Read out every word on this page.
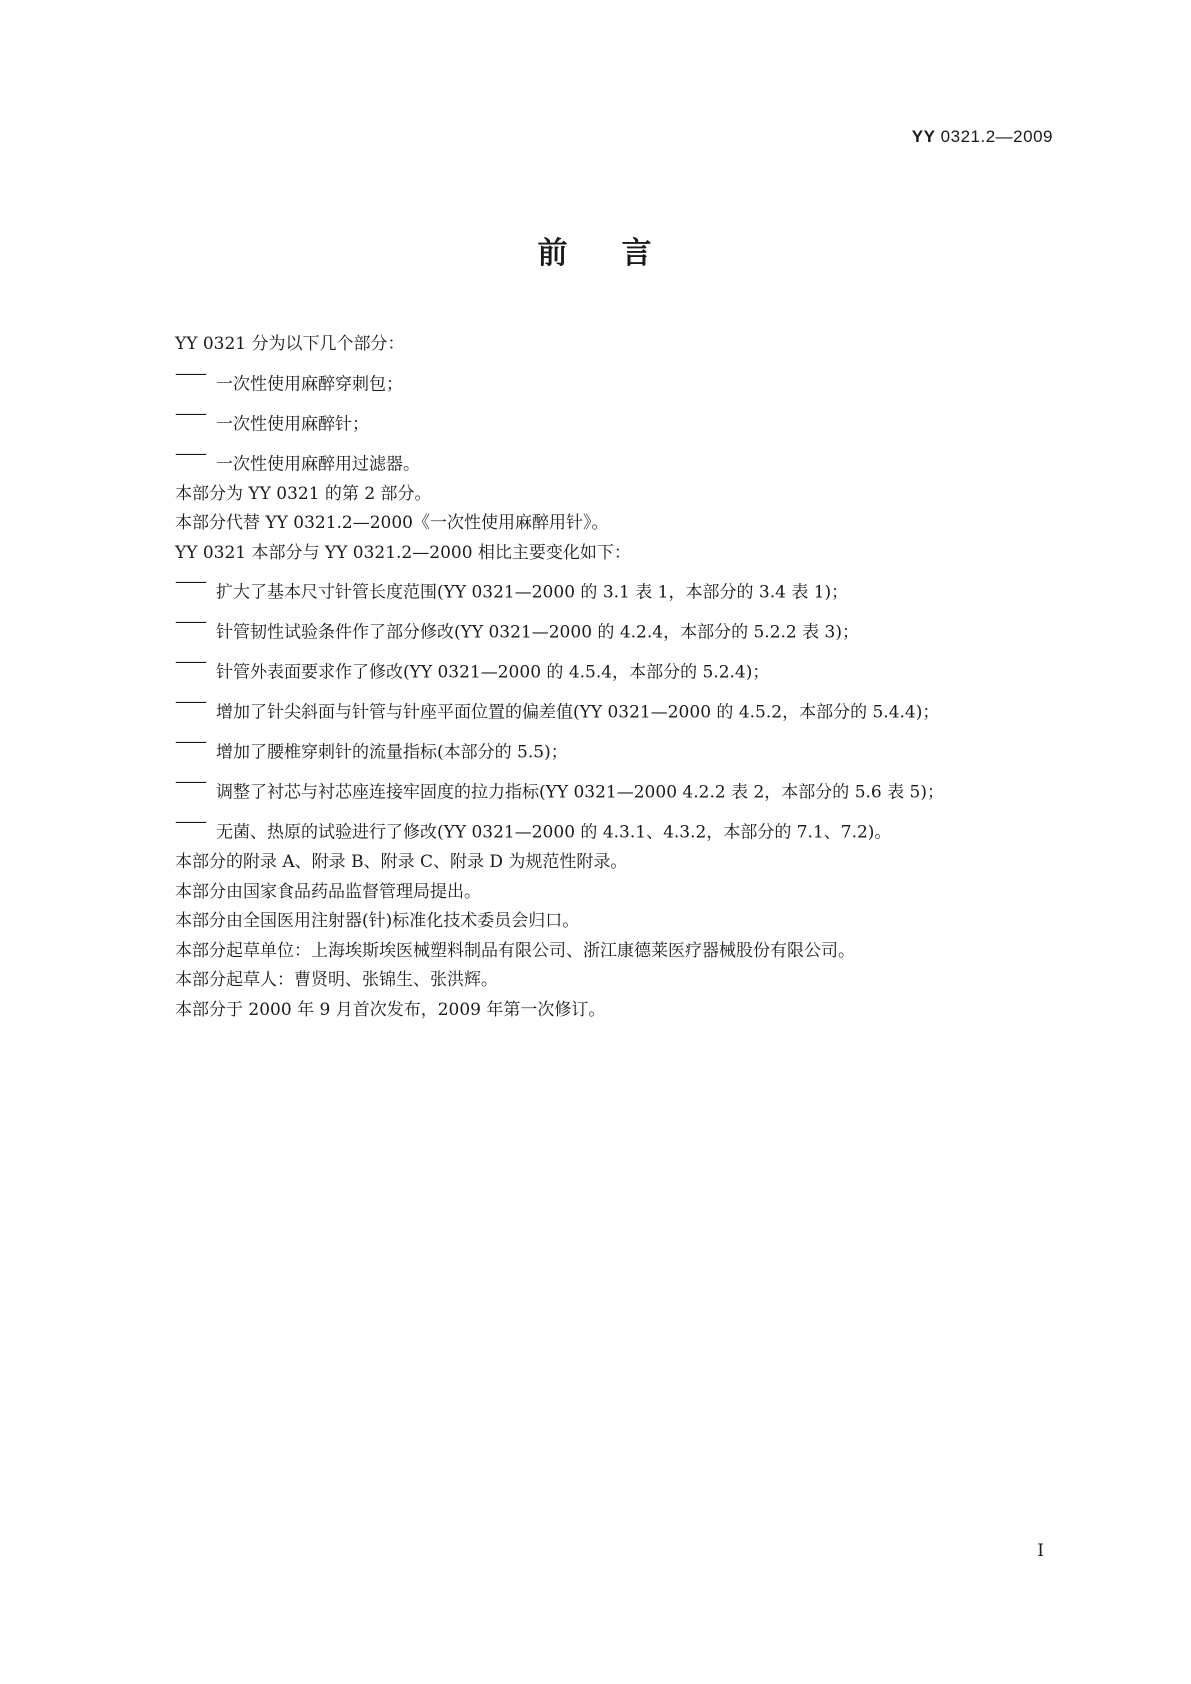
YY 0321.2—2009
前 言

YY 0321 分为以下几个部分：

——一次性使用麻醉穿刺包；

——一次性使用麻醉针；

——一次性使用麻醉用过滤器。

本部分为 YY 0321 的第 2 部分。

本部分代替 YY 0321.2—2000《一次性使用麻醉用针》。

YY 0321 本部分与 YY 0321.2—2000 相比主要变化如下：

——扩大了基本尺寸针管长度范围(YY 0321—2000 的 3.1 表 1，本部分的 3.4 表 1)；

——针管韧性试验条件作了部分修改(YY 0321—2000 的 4.2.4，本部分的 5.2.2 表 3)；

——针管外表面要求作了修改(YY 0321—2000 的 4.5.4，本部分的 5.2.4)；

——增加了针尖斜面与针管与针座平面位置的偏差值(YY 0321—2000 的 4.5.2，本部分的 5.4.4)；

——增加了腰椎穿刺针的流量指标(本部分的 5.5)；

——调整了衬芯与衬芯座连接牢固度的拉力指标(YY 0321—2000 4.2.2 表 2，本部分的 5.6 表 5)；

——无菌、热原的试验进行了修改(YY 0321—2000 的 4.3.1、4.3.2，本部分的 7.1、7.2)。

本部分的附录 A、附录 B、附录 C、附录 D 为规范性附录。

本部分由国家食品药品监督管理局提出。

本部分由全国医用注射器(针)标准化技术委员会归口。

本部分起草单位：上海埃斯埃医械塑料制品有限公司、浙江康德莱医疗器械股份有限公司。

本部分起草人：曹贤明、张锦生、张洪辉。

本部分于 2000 年 9 月首次发布，2009 年第一次修订。

I
